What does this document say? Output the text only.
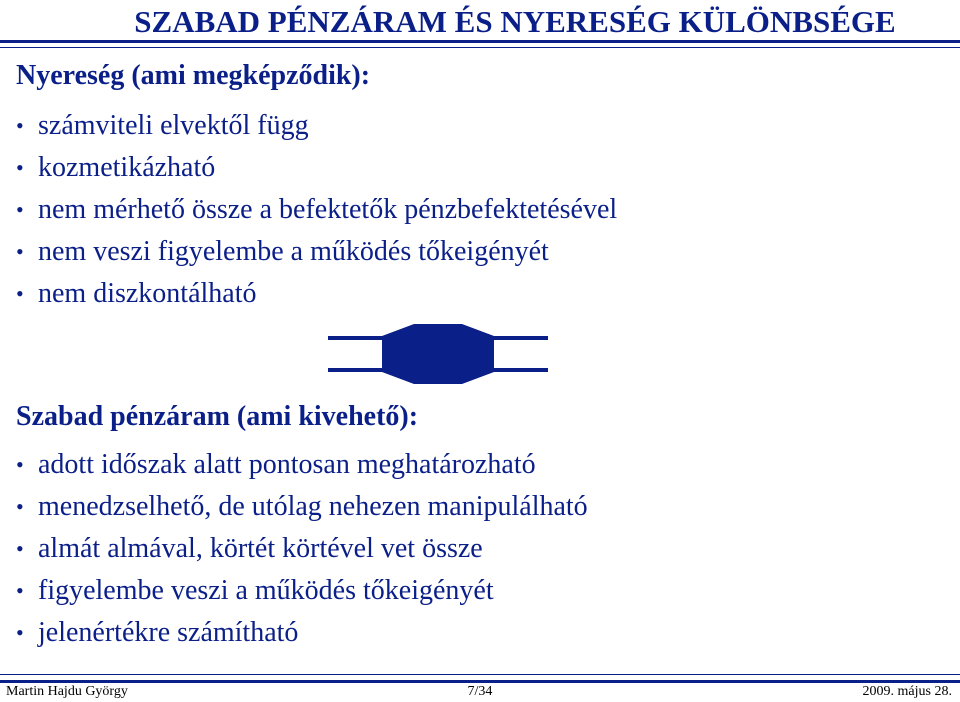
SZABAD PÉNZÁRAM ÉS NYERESÉG KÜLÖNBSÉGE
Nyereség (ami megképződik):
• számviteli elvektől függ
• kozmetikázható
• nem mérhető össze a befektetők pénzbefektetésével
• nem veszi figyelembe a működés tőkeigényét
• nem diszkontálható
Szabad pénzáram (ami kivehető):
• adott időszak alatt pontosan meghatározható
• menedzselhető, de utólag nehezen manipulálható
• almát almával, körtét körtével vet össze
• figyelembe veszi a működés tőkeigényét
• jelenértékre számítható
Martin Hajdu György	7/34	2009. május 28.
